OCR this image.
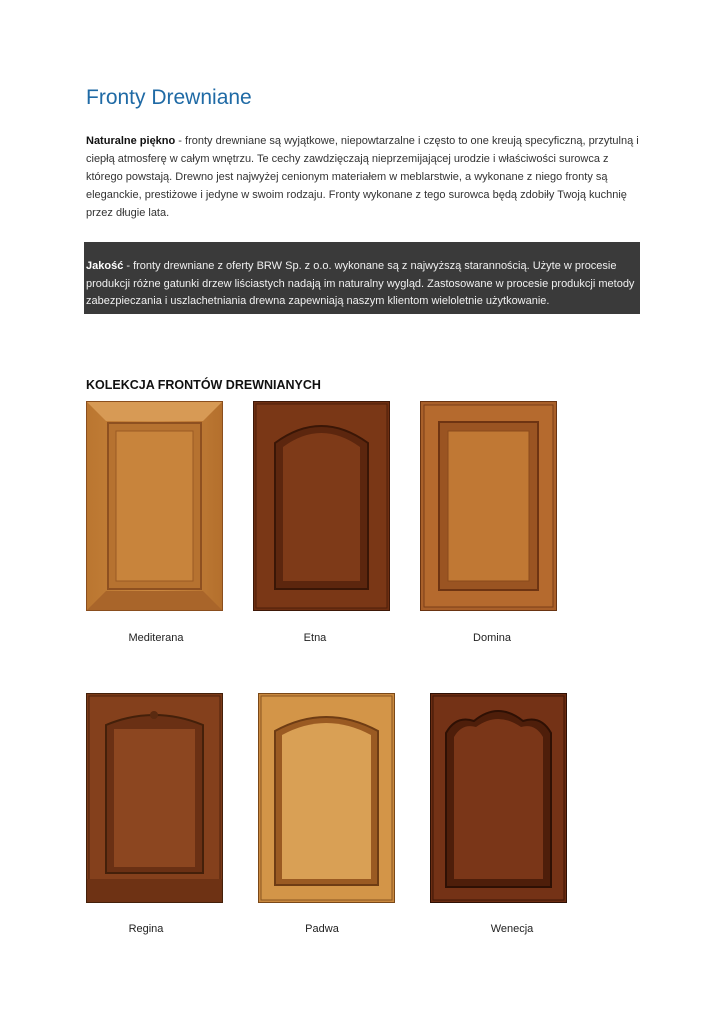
Fronty Drewniane
Naturalne piękno - fronty drewniane są wyjątkowe, niepowtarzalne i często to one kreują specyficzną, przytulną i ciepłą atmosferę w całym wnętrzu. Te cechy zawdzięczają nieprzemijającej urodzie i właściwości surowca z którego powstają. Drewno jest najwyżej cenionym materiałem w meblarstwie, a wykonane z niego fronty są eleganckie, prestiżowe i jedyne w swoim rodzaju. Fronty wykonane z tego surowca będą zdobiły Twoją kuchnię przez długie lata.
Jakość - fronty drewniane z oferty BRW Sp. z o.o. wykonane są z najwyższą starannością. Użyte w procesie produkcji różne gatunki drzew liściastych nadają im naturalny wygląd. Zastosowane w procesie produkcji metody zabezpieczania i uszlachetniania drewna zapewniają naszym klientom wieloletnie użytkowanie.
KOLEKCJA FRONTÓW DREWNIANYCH
Mediterana	Etna	Domina
Regina	Padwa	Wenecja
